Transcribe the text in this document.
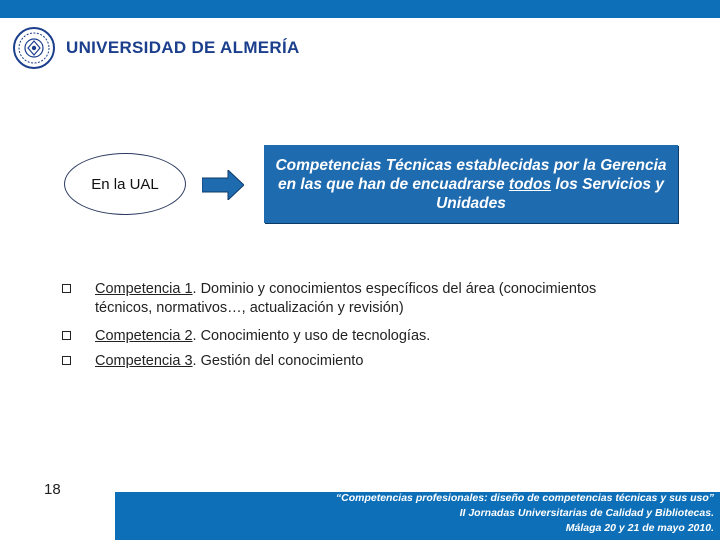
UNIVERSIDAD DE ALMERÍA
En la UAL
Competencias Técnicas establecidas por la Gerencia en las que han de encuadrarse todos los Servicios y Unidades
Competencia 1. Dominio y conocimientos específicos del área (conocimientos técnicos, normativos…, actualización y revisión)
Competencia 2. Conocimiento y uso de tecnologías.
Competencia 3. Gestión del conocimiento
18	“Competencias profesionales: diseño de competencias técnicas y sus uso”
II Jornadas Universitarias de Calidad y Bibliotecas.
Málaga 20 y 21 de mayo 2010.
